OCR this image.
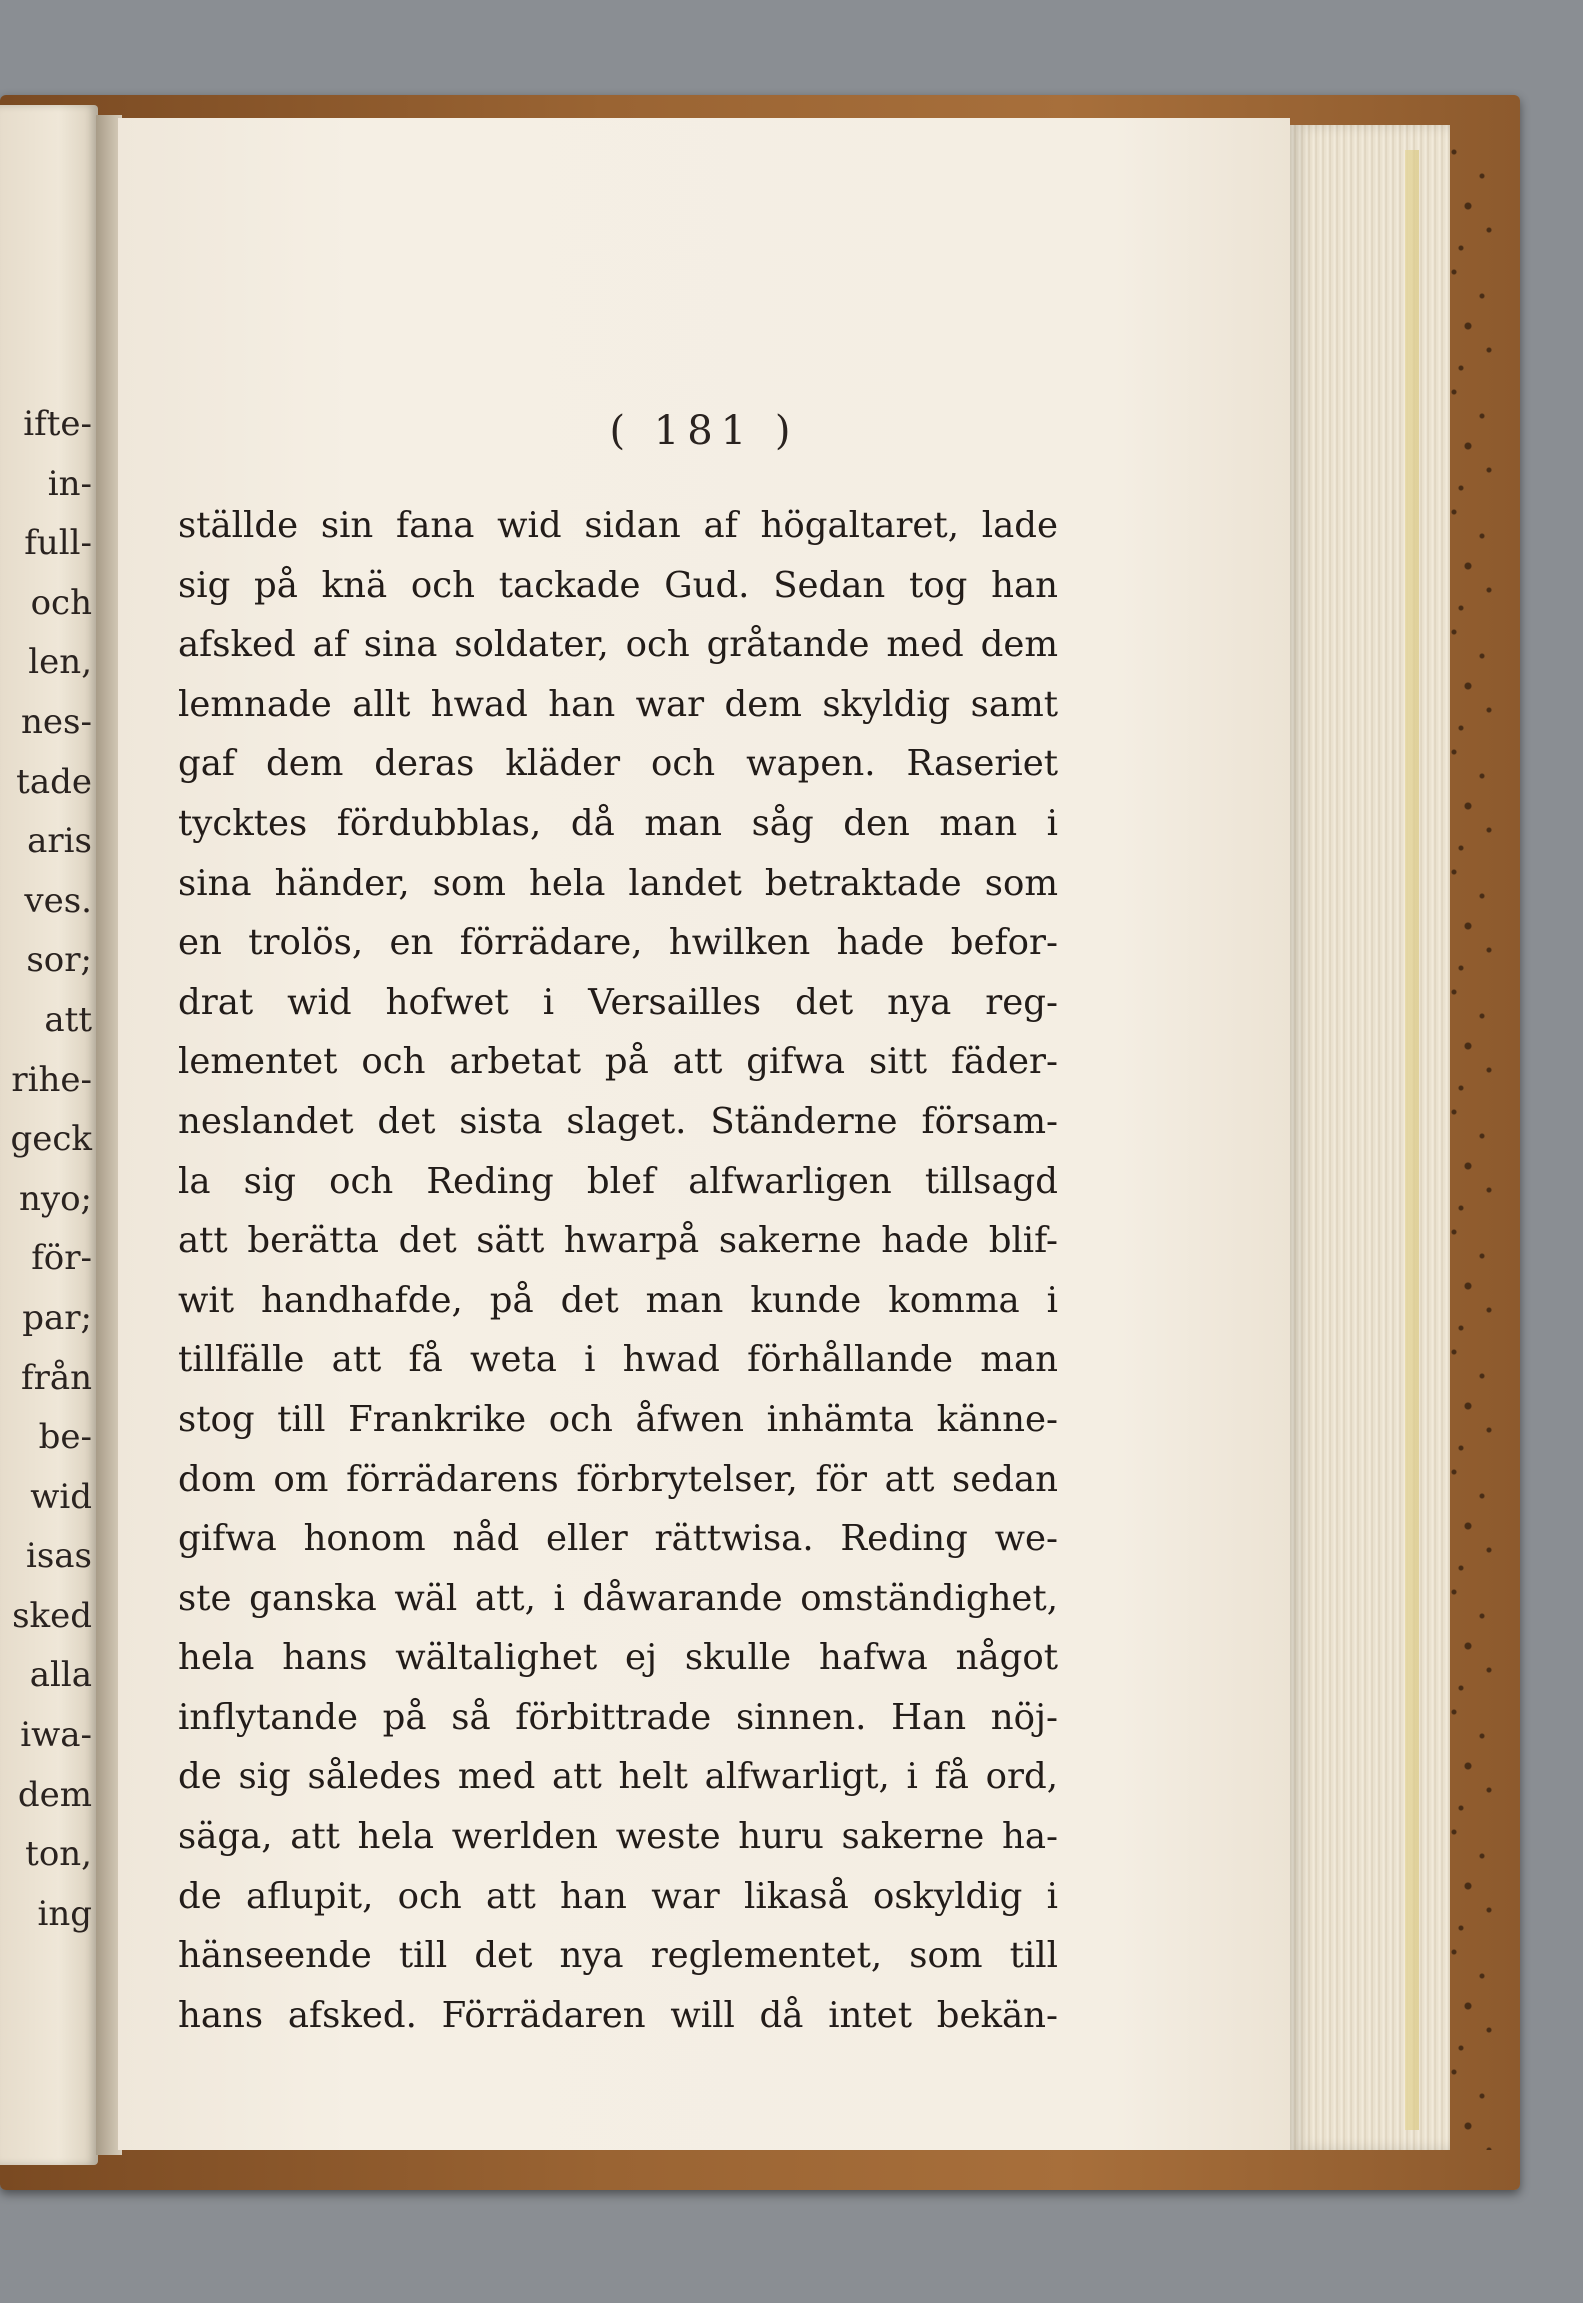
ifte-
in-
full-
och
len,
nes-
tade
aris
ves.
sor;
att
rihe-
geck
nyo;
för-
par;
från
be-
wid
isas
sked
alla
iwa-
dem
ton,
ing
( 181 )
ställde sin fana wid sidan af högaltaret, lade
sig på knä och tackade Gud. Sedan tog han
afsked af sina soldater, och gråtande med dem
lemnade allt hwad han war dem skyldig samt
gaf dem deras kläder och wapen. Raseriet
tycktes fördubblas, då man såg den man i
sina händer, som hela landet betraktade som
en trolös, en förrädare, hwilken hade befor-
drat wid hofwet i Versailles det nya reg-
lementet och arbetat på att gifwa sitt fäder-
neslandet det sista slaget. Ständerne försam-
la sig och Reding blef alfwarligen tillsagd
att berätta det sätt hwarpå sakerne hade blif-
wit handhafde, på det man kunde komma i
tillfälle att få weta i hwad förhållande man
stog till Frankrike och åfwen inhämta känne-
dom om förrädarens förbrytelser, för att sedan
gifwa honom nåd eller rättwisa. Reding we-
ste ganska wäl att, i dåwarande omständighet,
hela hans wältalighet ej skulle hafwa något
inflytande på så förbittrade sinnen. Han nöj-
de sig således med att helt alfwarligt, i få ord,
säga, att hela werlden weste huru sakerne ha-
de aflupit, och att han war likaså oskyldig i
hänseende till det nya reglementet, som till
hans afsked. Förrädaren will då intet bekän-
